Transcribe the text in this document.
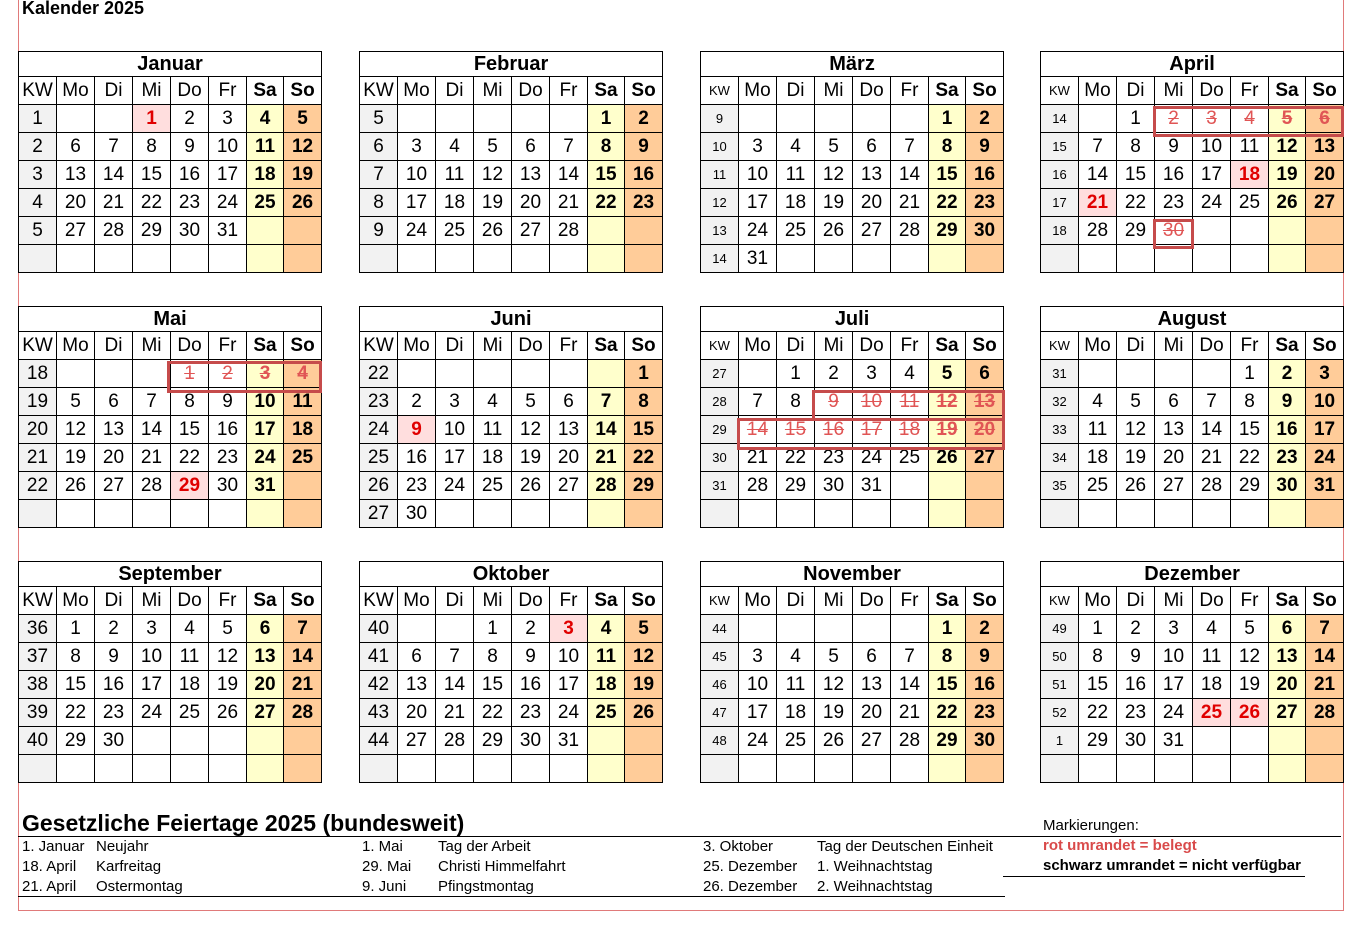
Kalender 2025
Januar							
KW	Mo	Di	Mi	Do	Fr	Sa	So
1			1	2	3	4	5
2	6	7	8	9	10	11	12
3	13	14	15	16	17	18	19
4	20	21	22	23	24	25	26
5	27	28	29	30	31		

Februar							
KW	Mo	Di	Mi	Do	Fr	Sa	So
5						1	2
6	3	4	5	6	7	8	9
7	10	11	12	13	14	15	16
8	17	18	19	20	21	22	23
9	24	25	26	27	28		

März							
KW	Mo	Di	Mi	Do	Fr	Sa	So
9						1	2
10	3	4	5	6	7	8	9
11	10	11	12	13	14	15	16
12	17	18	19	20	21	22	23
13	24	25	26	27	28	29	30
14	31						
April							
KW	Mo	Di	Mi	Do	Fr	Sa	So
14		1	2	3	4	5	6
15	7	8	9	10	11	12	13
16	14	15	16	17	18	19	20
17	21	22	23	24	25	26	27
18	28	29	30				

Mai							
KW	Mo	Di	Mi	Do	Fr	Sa	So
18				1	2	3	4
19	5	6	7	8	9	10	11
20	12	13	14	15	16	17	18
21	19	20	21	22	23	24	25
22	26	27	28	29	30	31	

Juni							
KW	Mo	Di	Mi	Do	Fr	Sa	So
22							1
23	2	3	4	5	6	7	8
24	9	10	11	12	13	14	15
25	16	17	18	19	20	21	22
26	23	24	25	26	27	28	29
27	30						
Juli							
KW	Mo	Di	Mi	Do	Fr	Sa	So
27		1	2	3	4	5	6
28	7	8	9	10	11	12	13
29	14	15	16	17	18	19	20
30	21	22	23	24	25	26	27
31	28	29	30	31			

August							
KW	Mo	Di	Mi	Do	Fr	Sa	So
31					1	2	3
32	4	5	6	7	8	9	10
33	11	12	13	14	15	16	17
34	18	19	20	21	22	23	24
35	25	26	27	28	29	30	31

September							
KW	Mo	Di	Mi	Do	Fr	Sa	So
36	1	2	3	4	5	6	7
37	8	9	10	11	12	13	14
38	15	16	17	18	19	20	21
39	22	23	24	25	26	27	28
40	29	30					

Oktober							
KW	Mo	Di	Mi	Do	Fr	Sa	So
40			1	2	3	4	5
41	6	7	8	9	10	11	12
42	13	14	15	16	17	18	19
43	20	21	22	23	24	25	26
44	27	28	29	30	31		

November							
KW	Mo	Di	Mi	Do	Fr	Sa	So
44						1	2
45	3	4	5	6	7	8	9
46	10	11	12	13	14	15	16
47	17	18	19	20	21	22	23
48	24	25	26	27	28	29	30

Dezember							
KW	Mo	Di	Mi	Do	Fr	Sa	So
49	1	2	3	4	5	6	7
50	8	9	10	11	12	13	14
51	15	16	17	18	19	20	21
52	22	23	24	25	26	27	28
1	29	30	31				

Gesetzliche Feiertage 2025 (bundesweit)
1. Januar Neujahr
18. April Karfreitag
21. April Ostermontag
1. Mai Tag der Arbeit
29. Mai Christi Himmelfahrt
9. Juni Pfingstmontag
3. Oktober	Tag der Deutschen Einheit
25. Dezember 1. Weihnachtstag
26. Dezember 2. Weihnachtstag
Markierungen:
rot umrandet = belegt
schwarz umrandet = nicht verfügbar
